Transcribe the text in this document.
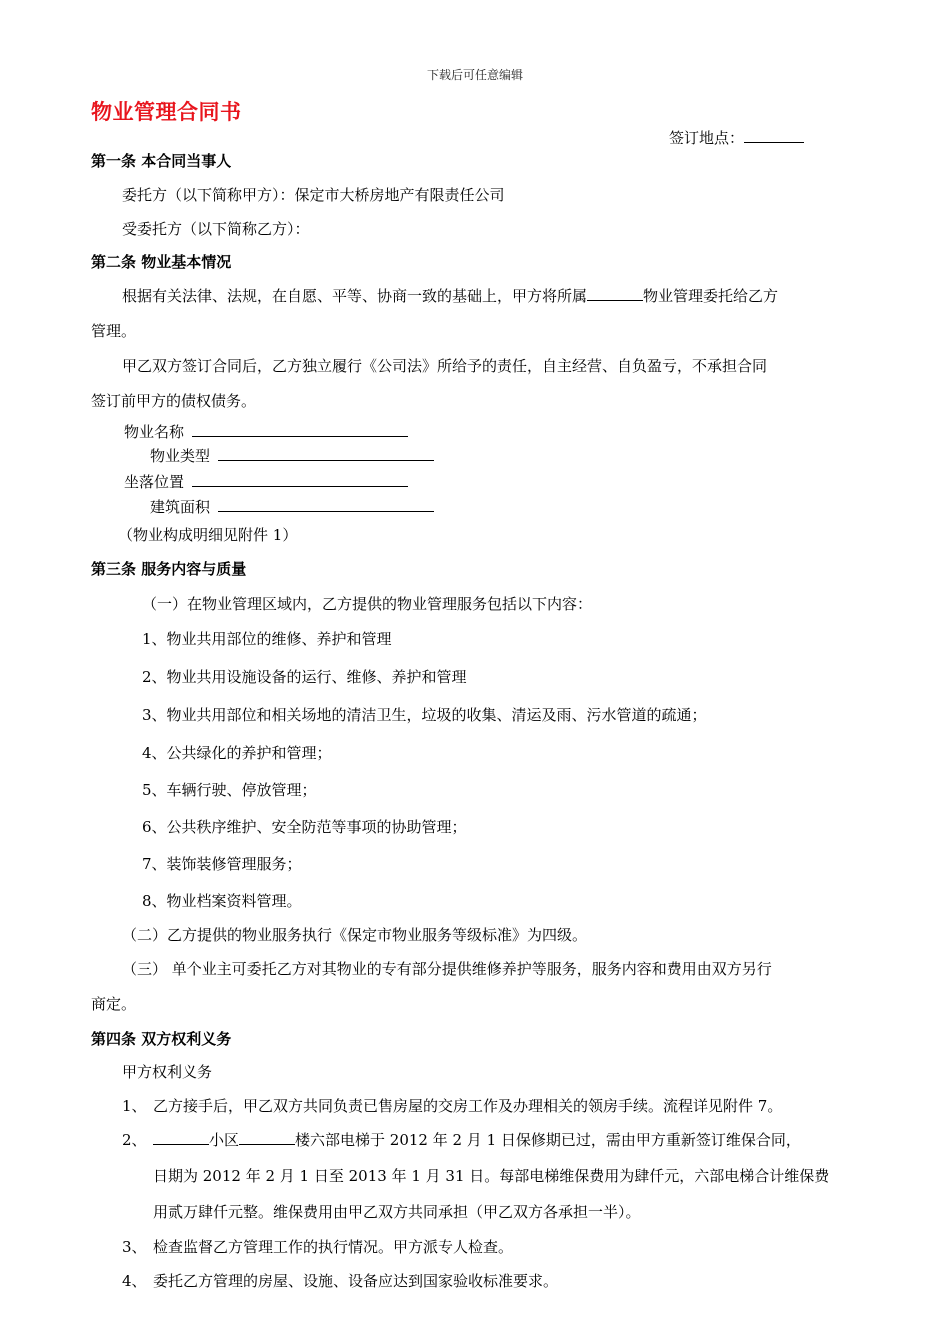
下载后可任意编辑
物业管理合同书
签订地点：
第一条 本合同当事人
委托方（以下简称甲方）：保定市大桥房地产有限责任公司
受委托方（以下简称乙方）：
第二条 物业基本情况
根据有关法律、法规，在自愿、平等、协商一致的基础上，甲方将所属	物业管理委托给乙方
管理。
甲乙双方签订合同后，乙方独立履行《公司法》所给予的责任，自主经营、自负盈亏，不承担合同
签订前甲方的债权债务。
物业名称
物业类型
坐落位置
建筑面积
（物业构成明细见附件 1）
第三条 服务内容与质量
（一）在物业管理区域内，乙方提供的物业管理服务包括以下内容：
1、物业共用部位的维修、养护和管理
2、物业共用设施设备的运行、维修、养护和管理
3、物业共用部位和相关场地的清洁卫生，垃圾的收集、清运及雨、污水管道的疏通；
4、公共绿化的养护和管理；
5、车辆行驶、停放管理；
6、公共秩序维护、安全防范等事项的协助管理；
7、装饰装修管理服务；
8、物业档案资料管理。
（二）乙方提供的物业服务执行《保定市物业服务等级标准》为四级。
（三） 单个业主可委托乙方对其物业的专有部分提供维修养护等服务，服务内容和费用由双方另行
商定。
第四条 双方权利义务
甲方权利义务
1、 乙方接手后，甲乙双方共同负责已售房屋的交房工作及办理相关的领房手续。流程详见附件 7。
2、	小区	楼六部电梯于 2012 年 2 月 1 日保修期已过，需由甲方重新签订维保合同，
日期为 2012 年 2 月 1 日至 2013 年 1 月 31 日。每部电梯维保费用为肆仟元，六部电梯合计维保费
用贰万肆仟元整。维保费用由甲乙双方共同承担（甲乙双方各承担一半）。
3、 检查监督乙方管理工作的执行情况。甲方派专人检查。
4、 委托乙方管理的房屋、设施、设备应达到国家验收标准要求。
